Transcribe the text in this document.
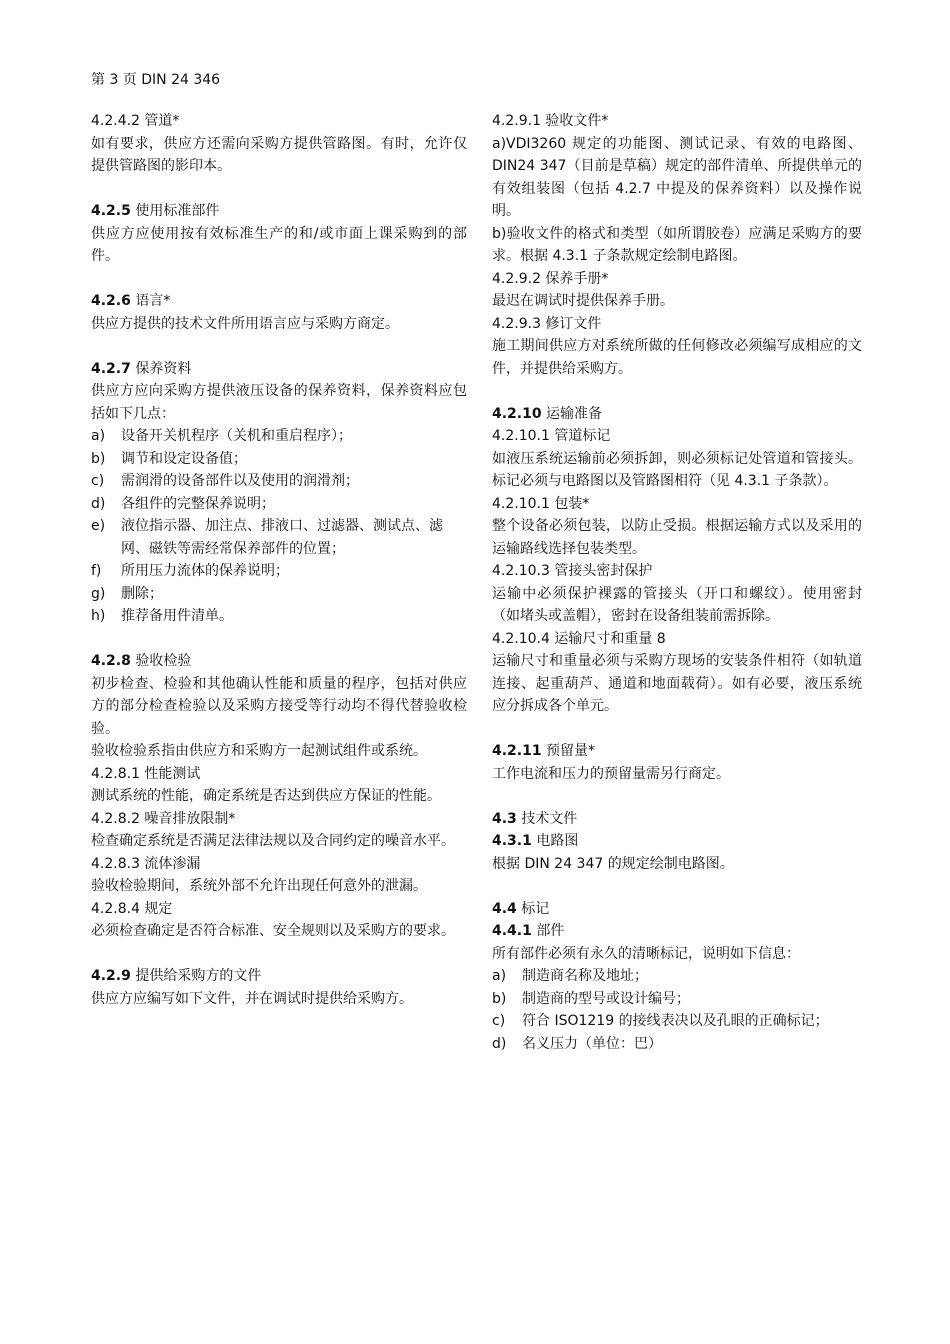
第 3 页 DIN 24 346

4.2.4.2 管道*

如有要求，供应方还需向采购方提供管路图。有时，允许仅提供管路图的影印本。

4.2.5 使用标准部件

供应方应使用按有效标准生产的和/或市面上课采购到的部件。

4.2.6 语言*

供应方提供的技术文件所用语言应与采购方商定。

4.2.7 保养资料

供应方应向采购方提供液压设备的保养资料，保养资料应包括如下几点：

a)	设备开关机程序（关机和重启程序）；
b)	调节和设定设备值；
c)	需润滑的设备部件以及使用的润滑剂；
d)	各组件的完整保养说明；
e)	液位指示器、加注点、排液口、过滤器、测试点、滤网、磁铁等需经常保养部件的位置；
f)	所用压力流体的保养说明；
g)	删除；
h)	推荐备用件清单。

4.2.8 验收检验

初步检查、检验和其他确认性能和质量的程序，包括对供应方的部分检查检验以及采购方接受等行动均不得代替验收检验。

验收检验系指由供应方和采购方一起测试组件或系统。

4.2.8.1 性能测试

测试系统的性能，确定系统是否达到供应方保证的性能。

4.2.8.2 噪音排放限制*

检查确定系统是否满足法律法规以及合同约定的噪音水平。

4.2.8.3 流体渗漏

验收检验期间，系统外部不允许出现任何意外的泄漏。

4.2.8.4 规定

必须检查确定是否符合标准、安全规则以及采购方的要求。

4.2.9 提供给采购方的文件

供应方应编写如下文件，并在调试时提供给采购方。

4.2.9.1 验收文件*

a)VDI3260 规定的功能图、测试记录、有效的电路图、DIN24 347（目前是草稿）规定的部件清单、所提供单元的有效组装图（包括 4.2.7 中提及的保养资料）以及操作说明。

b)验收文件的格式和类型（如所谓胶卷）应满足采购方的要求。根据 4.3.1 子条款规定绘制电路图。

4.2.9.2 保养手册*

最迟在调试时提供保养手册。

4.2.9.3 修订文件

施工期间供应方对系统所做的任何修改必须编写成相应的文件，并提供给采购方。

4.2.10 运输准备

4.2.10.1 管道标记

如液压系统运输前必须拆卸，则必须标记处管道和管接头。标记必须与电路图以及管路图相符（见 4.3.1 子条款）。

4.2.10.1 包装*

整个设备必须包装，以防止受损。根据运输方式以及采用的运输路线选择包装类型。

4.2.10.3 管接头密封保护

运输中必须保护裸露的管接头（开口和螺纹）。使用密封（如堵头或盖帽），密封在设备组装前需拆除。

4.2.10.4 运输尺寸和重量 8

运输尺寸和重量必须与采购方现场的安装条件相符（如轨道连接、起重葫芦、通道和地面载荷）。如有必要，液压系统应分拆成各个单元。

4.2.11 预留量*

工作电流和压力的预留量需另行商定。

4.3 技术文件

4.3.1 电路图

根据 DIN 24 347 的规定绘制电路图。

4.4 标记

4.4.1 部件

所有部件必须有永久的清晰标记，说明如下信息：

a)	制造商名称及地址；
b)	制造商的型号或设计编号；
c)	符合 ISO1219 的接线表决以及孔眼的正确标记；
d)	名义压力（单位：巴）
